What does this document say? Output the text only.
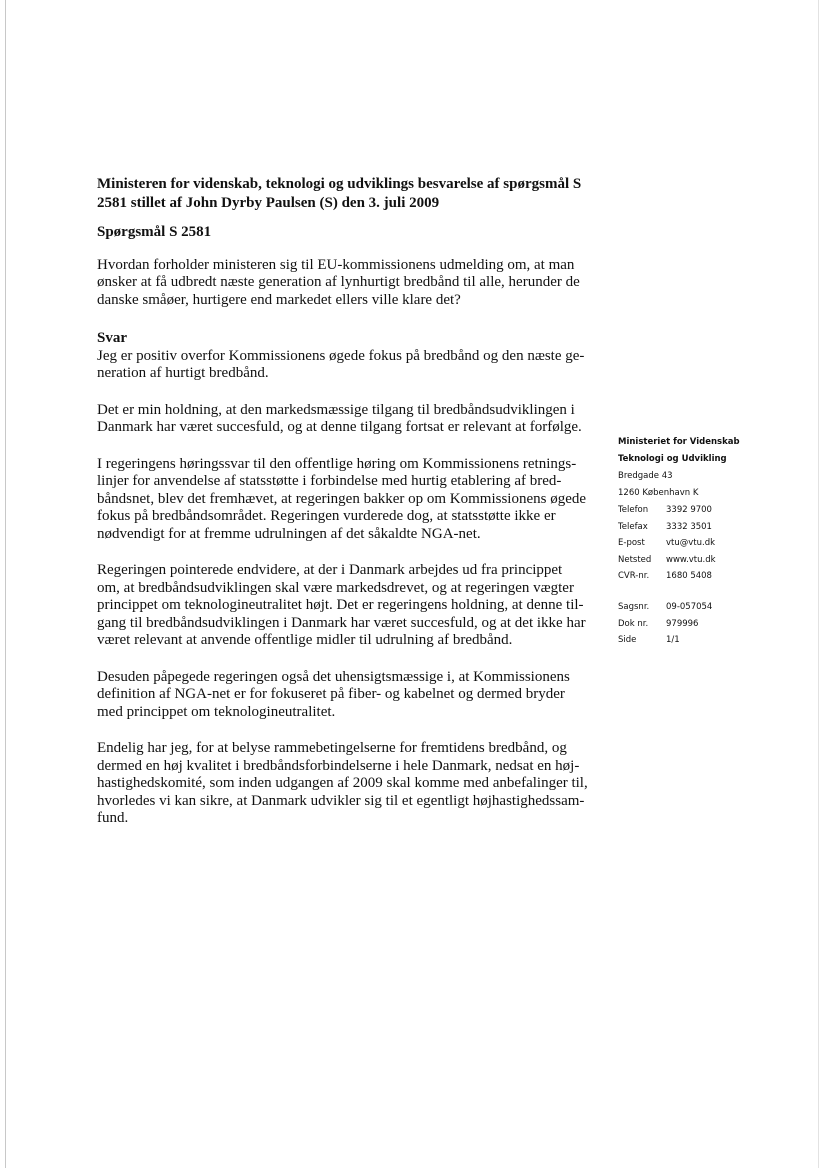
Ministeren for videnskab, teknologi og udviklings besvarelse af spørgsmål S
2581 stillet af John Dyrby Paulsen (S) den 3. juli 2009

Spørgsmål S 2581

Hvordan forholder ministeren sig til EU-kommissionens udmelding om, at man
ønsker at få udbredt næste generation af lynhurtigt bredbånd til alle, herunder de
danske småøer, hurtigere end markedet ellers ville klare det?

Svar

Jeg er positiv overfor Kommissionens øgede fokus på bredbånd og den næste ge-
neration af hurtigt bredbånd.

Det er min holdning, at den markedsmæssige tilgang til bredbåndsudviklingen i
Danmark har været succesfuld, og at denne tilgang fortsat er relevant at forfølge.

I regeringens høringssvar til den offentlige høring om Kommissionens retnings-
linjer for anvendelse af statsstøtte i forbindelse med hurtig etablering af bred-
båndsnet, blev det fremhævet, at regeringen bakker op om Kommissionens øgede
fokus på bredbåndsområdet. Regeringen vurderede dog, at statsstøtte ikke er
nødvendigt for at fremme udrulningen af det såkaldte NGA-net.

Regeringen pointerede endvidere, at der i Danmark arbejdes ud fra princippet
om, at bredbåndsudviklingen skal være markedsdrevet, og at regeringen vægter
princippet om teknologineutralitet højt. Det er regeringens holdning, at denne til-
gang til bredbåndsudviklingen i Danmark har været succesfuld, og at det ikke har
været relevant at anvende offentlige midler til udrulning af bredbånd.

Desuden påpegede regeringen også det uhensigtsmæssige i, at Kommissionens
definition af NGA-net er for fokuseret på fiber- og kabelnet og dermed bryder
med princippet om teknologineutralitet.

Endelig har jeg, for at belyse rammebetingelserne for fremtidens bredbånd, og
dermed en høj kvalitet i bredbåndsforbindelserne i hele Danmark, nedsat en høj-
hastighedskomité, som inden udgangen af 2009 skal komme med anbefalinger til,
hvorledes vi kan sikre, at Danmark udvikler sig til et egentligt højhastighedssam-
fund.

Ministeriet for Videnskab
Teknologi og Udvikling
Bredgade 43
1260 København K
Telefon	3392 9700
Telefax	3332 3501
E-post	vtu@vtu.dk
Netsted	www.vtu.dk
CVR-nr.	1680 5408
Sagsnr.	09-057054
Dok nr.	979996
Side	1/1
